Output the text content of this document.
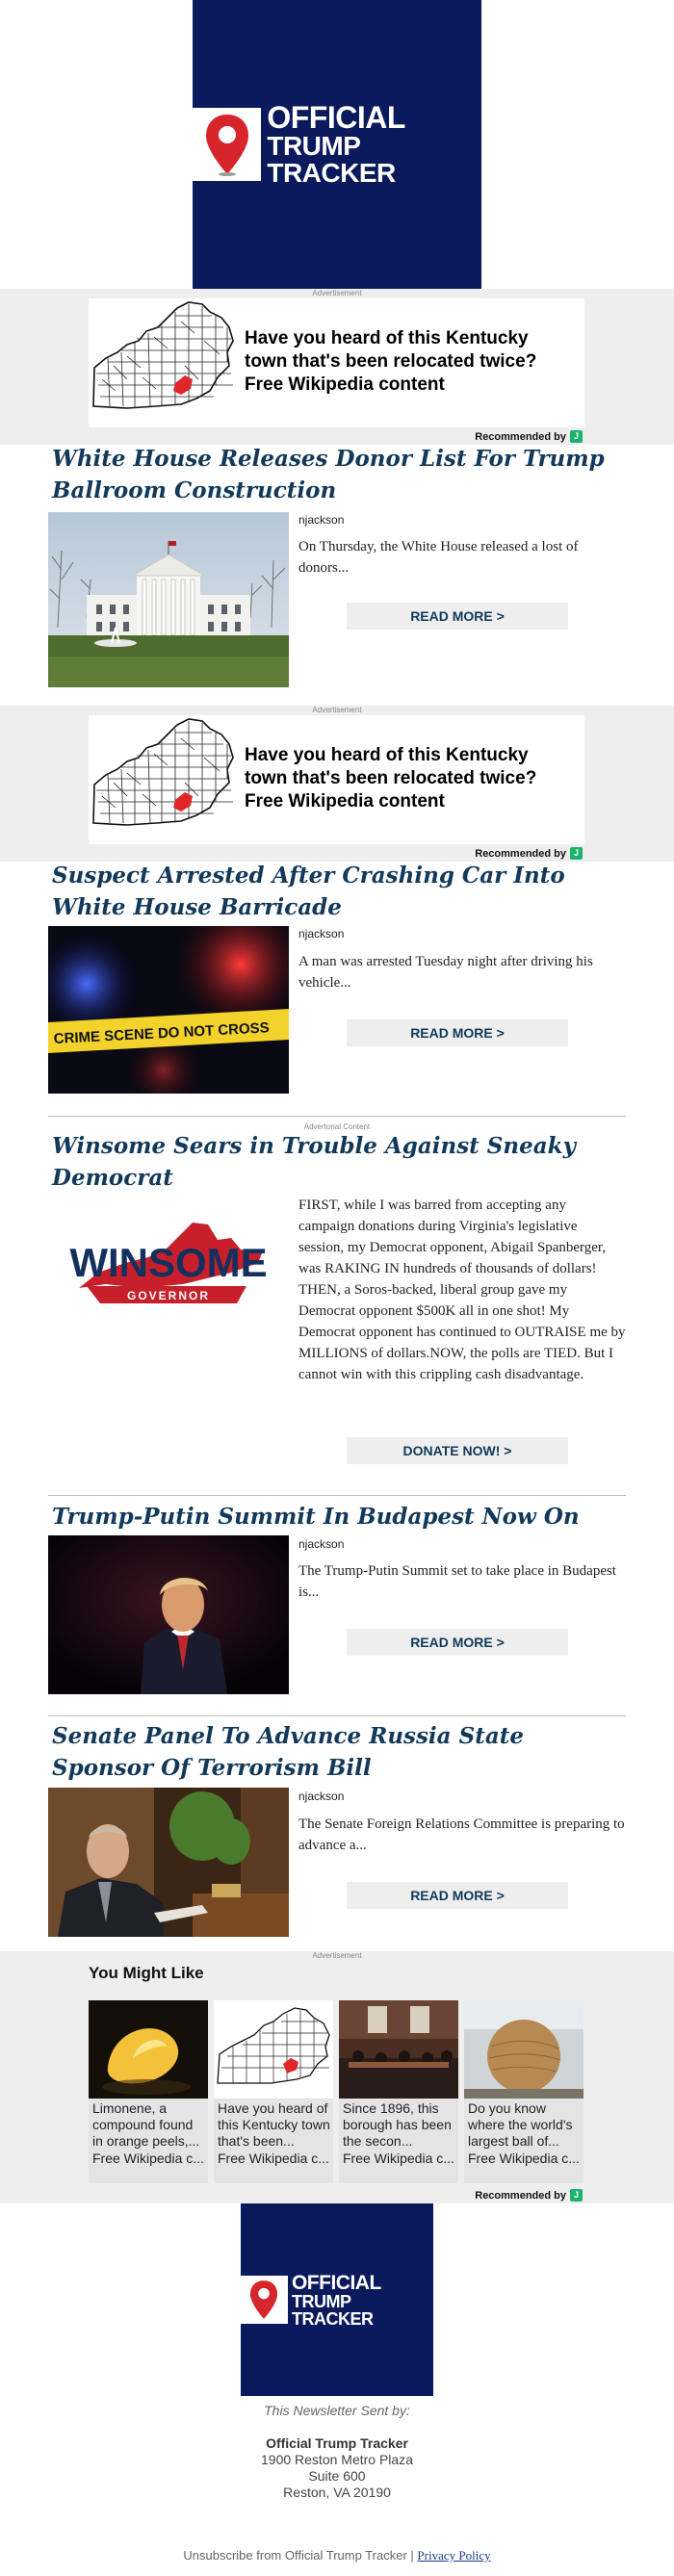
OFFICIAL
TRUMP TRACKER
Advertisement
Have you heard of this Kentucky
town that's been relocated twice?
Free Wikipedia content
Recommended by J
White House Releases Donor List For Trump Ballroom Construction
njackson
On Thursday, the White House released a lost of donors...
READ MORE >
Advertisement
Have you heard of this Kentucky
town that's been relocated twice?
Free Wikipedia content
Recommended by J
Suspect Arrested After Crashing Car Into White House Barricade
CRIME SCENE DO NOT CROSS
njackson
A man was arrested Tuesday night after driving his vehicle...
READ MORE >
Advertorial Content
Winsome Sears in Trouble Against Sneaky Democrat
WINSOME
GOVERNOR
FIRST, while I was barred from accepting any campaign donations during Virginia's legislative session, my Democrat opponent, Abigail Spanberger, was RAKING IN hundreds of thousands of dollars! THEN, a Soros-backed, liberal group gave my Democrat opponent $500K all in one shot! My Democrat opponent has continued to OUTRAISE me by MILLIONS of dollars.NOW, the polls are TIED. But I cannot win with this crippling cash disadvantage.
DONATE NOW! >
Trump-Putin Summit In Budapest Now On
njackson
The Trump-Putin Summit set to take place in Budapest is...
READ MORE >
Senate Panel To Advance Russia State Sponsor Of Terrorism Bill
njackson
The Senate Foreign Relations Committee is preparing to advance a...
READ MORE >
Advertisement
You Might Like
Limonene, a compound found in orange peels,...
Free Wikipedia c...
Have you heard of this Kentucky town that's been...
Free Wikipedia c...
Since 1896, this borough has been the secon...
Free Wikipedia c...
Do you know where the world's largest ball of...
Free Wikipedia c...
Recommended by J
OFFICIAL
TRUMP TRACKER
This Newsletter Sent by:
Official Trump Tracker
1900 Reston Metro Plaza
Suite 600
Reston, VA 20190
Unsubscribe from Official Trump Tracker | Privacy Policy
